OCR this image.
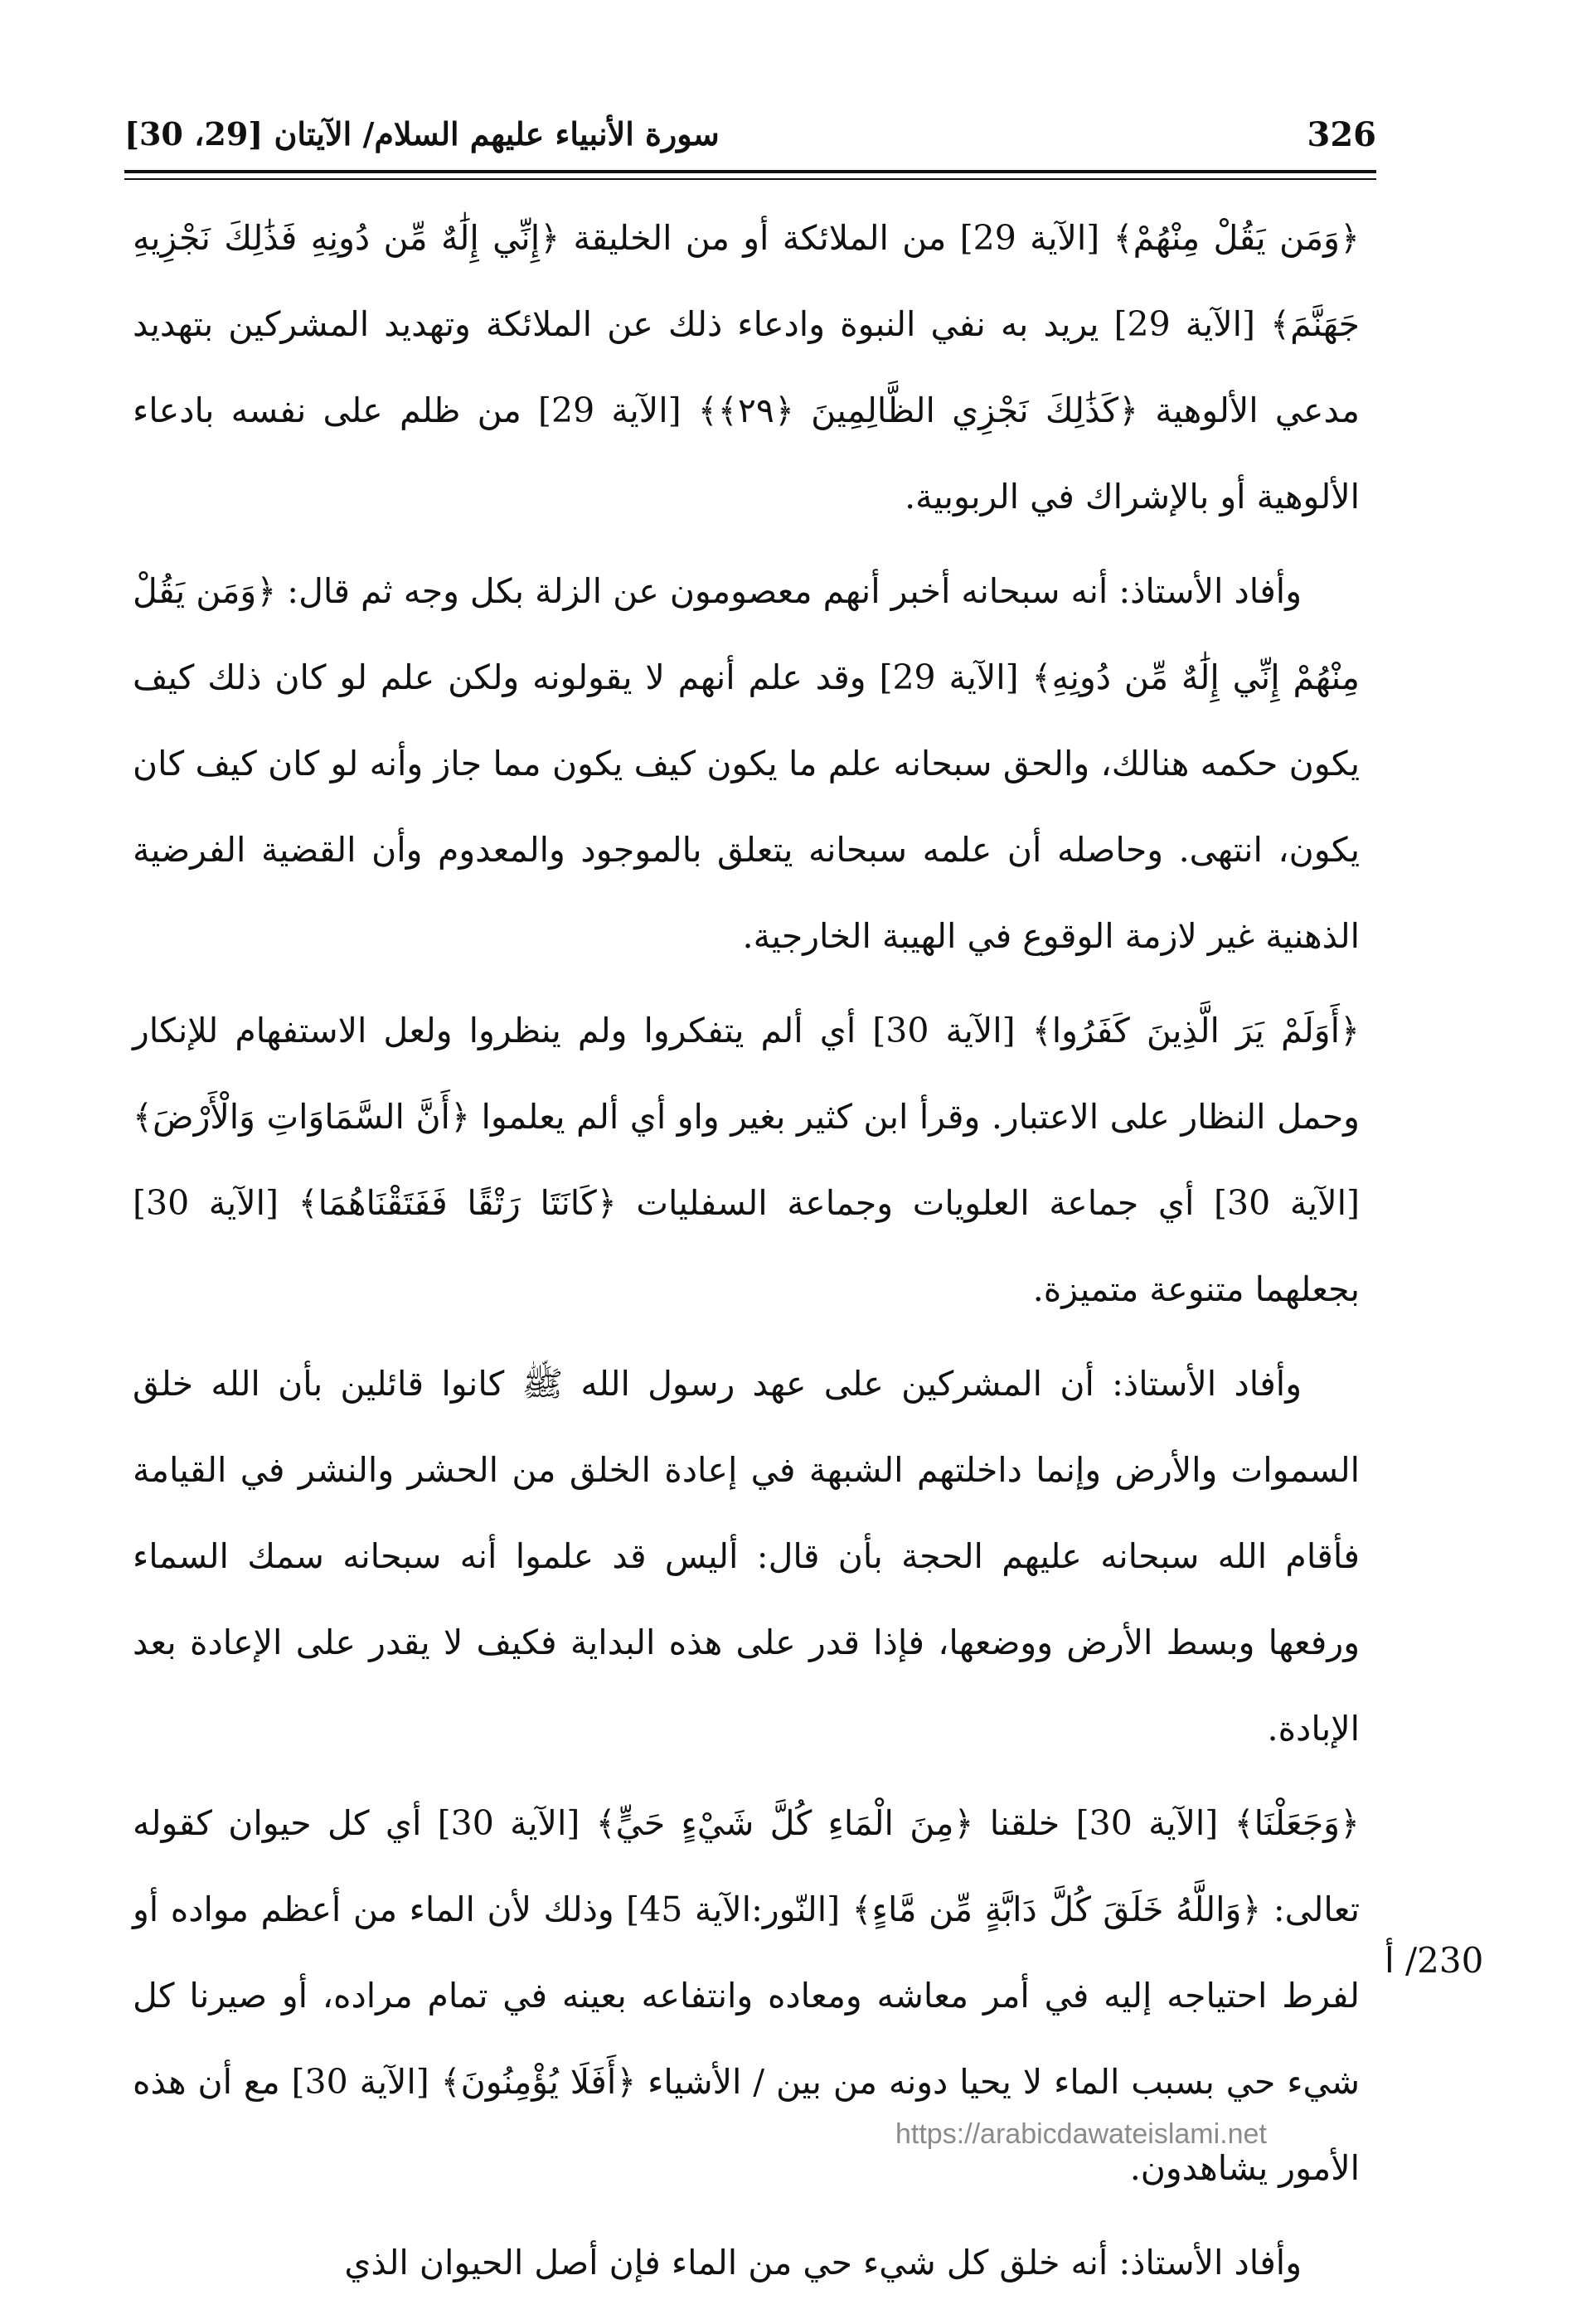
326
سورة الأنبياء عليهم السلام/ الآيتان [29، 30]

﴿وَمَن يَقُلْ مِنْهُمْ﴾ [الآية 29] من الملائكة أو من الخليقة ﴿إِنِّي إِلَٰهٌ مِّن دُونِهِ فَذَٰلِكَ نَجْزِيهِ جَهَنَّمَ﴾ [الآية 29] يريد به نفي النبوة وادعاء ذلك عن الملائكة وتهديد المشركين بتهديد مدعي الألوهية ﴿كَذَٰلِكَ نَجْزِي الظَّالِمِينَ ﴿٢٩﴾﴾ [الآية 29] من ظلم على نفسه بادعاء الألوهية أو بالإشراك في الربوبية.

وأفاد الأستاذ: أنه سبحانه أخبر أنهم معصومون عن الزلة بكل وجه ثم قال: ﴿وَمَن يَقُلْ مِنْهُمْ إِنِّي إِلَٰهٌ مِّن دُونِهِ﴾ [الآية 29] وقد علم أنهم لا يقولونه ولكن علم لو كان ذلك كيف يكون حكمه هنالك، والحق سبحانه علم ما يكون كيف يكون مما جاز وأنه لو كان كيف كان يكون، انتهى. وحاصله أن علمه سبحانه يتعلق بالموجود والمعدوم وأن القضية الفرضية الذهنية غير لازمة الوقوع في الهيبة الخارجية.

﴿أَوَلَمْ يَرَ الَّذِينَ كَفَرُوا﴾ [الآية 30] أي ألم يتفكروا ولم ينظروا ولعل الاستفهام للإنكار وحمل النظار على الاعتبار. وقرأ ابن كثير بغير واو أي ألم يعلموا ﴿أَنَّ السَّمَاوَاتِ وَالْأَرْضَ﴾ [الآية 30] أي جماعة العلويات وجماعة السفليات ﴿كَانَتَا رَتْقًا فَفَتَقْنَاهُمَا﴾ [الآية 30] بجعلهما متنوعة متميزة.

وأفاد الأستاذ: أن المشركين على عهد رسول الله ﷺ كانوا قائلين بأن الله خلق السموات والأرض وإنما داخلتهم الشبهة في إعادة الخلق من الحشر والنشر في القيامة فأقام الله سبحانه عليهم الحجة بأن قال: أليس قد علموا أنه سبحانه سمك السماء ورفعها وبسط الأرض ووضعها، فإذا قدر على هذه البداية فكيف لا يقدر على الإعادة بعد الإبادة.

﴿وَجَعَلْنَا﴾ [الآية 30] خلقنا ﴿مِنَ الْمَاءِ كُلَّ شَيْءٍ حَيٍّ﴾ [الآية 30] أي كل حيوان كقوله تعالى: ﴿وَاللَّهُ خَلَقَ كُلَّ دَابَّةٍ مِّن مَّاءٍ﴾ [النّور:الآية 45] وذلك لأن الماء من أعظم مواده أو لفرط احتياجه إليه في أمر معاشه ومعاده وانتفاعه بعينه في تمام مراده، أو صيرنا كل شيء حي بسبب الماء لا يحيا دونه من بين / الأشياء ﴿أَفَلَا يُؤْمِنُونَ﴾ [الآية 30] مع أن هذه الأمور يشاهدون.

وأفاد الأستاذ: أنه خلق كل شيء حي من الماء فإن أصل الحيوان الذي

230/ أ
https://arabicdawateislami.net
